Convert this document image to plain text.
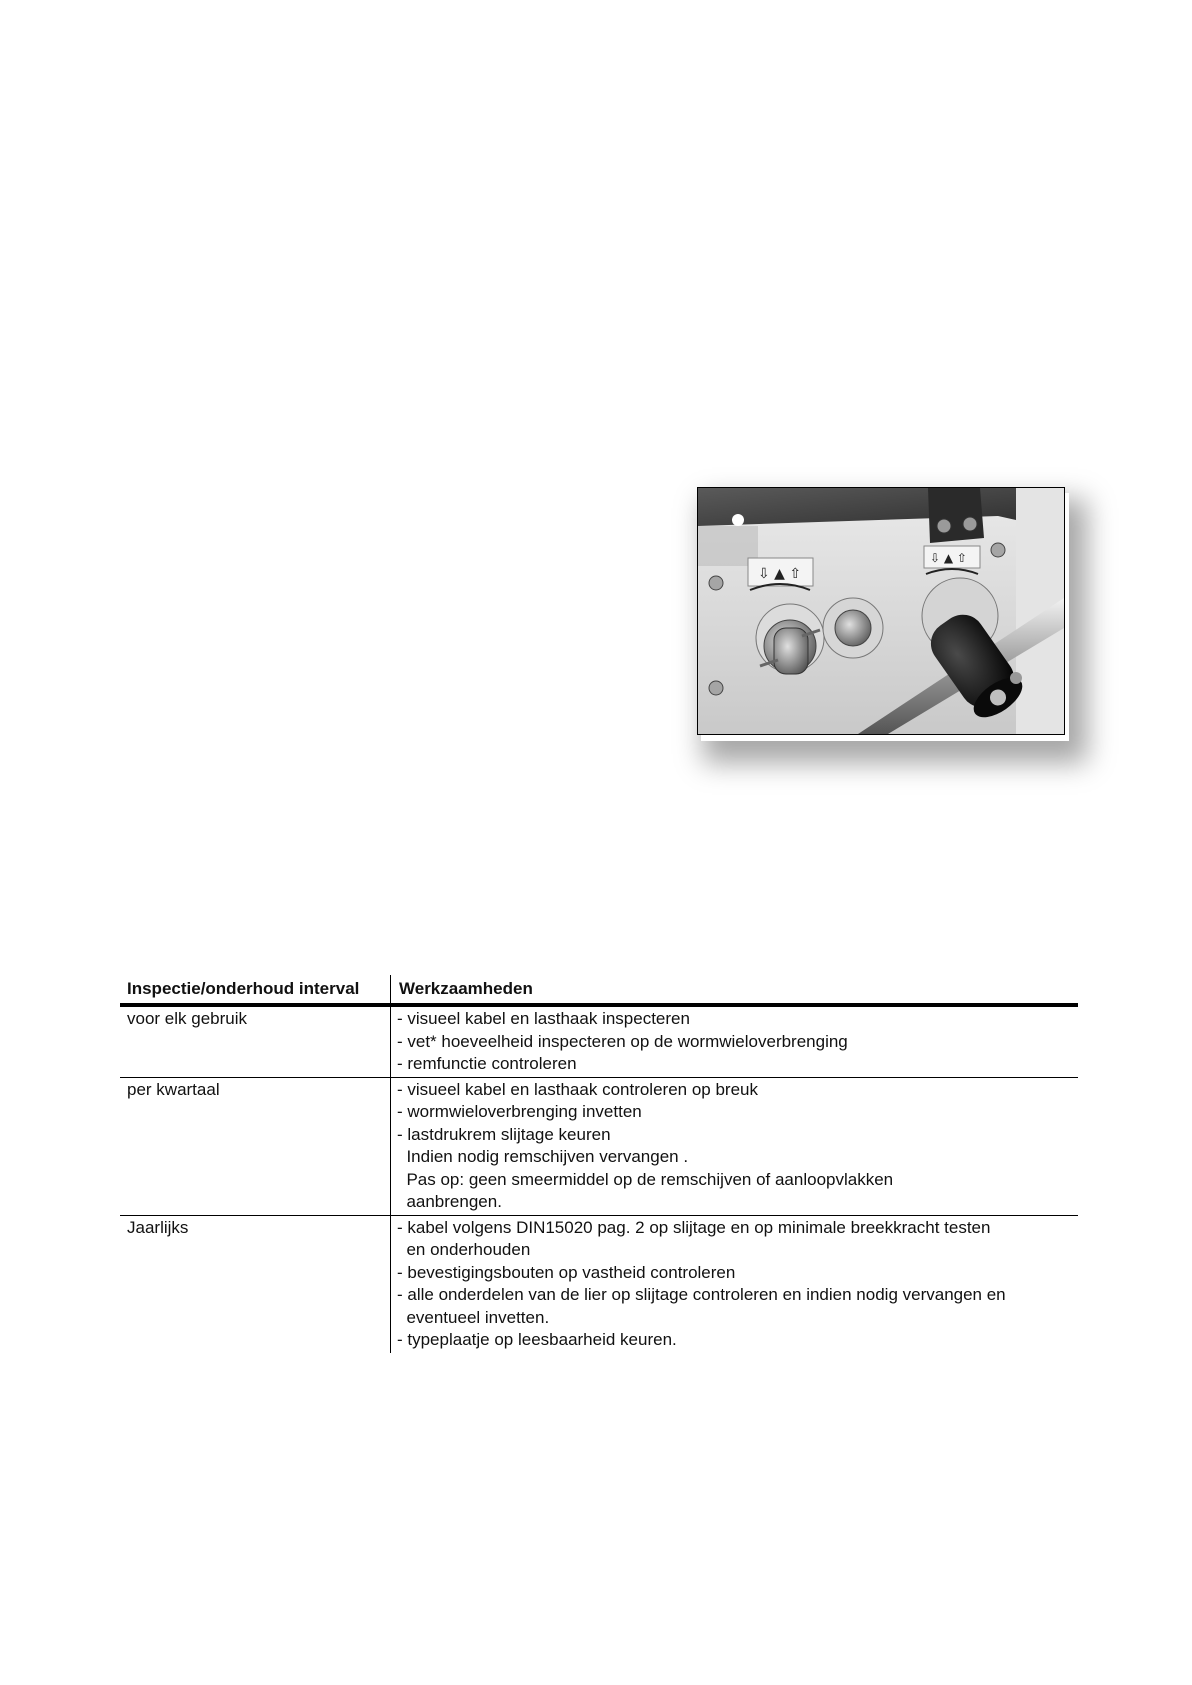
⇩ ▲ ⇧
⇩ ▲ ⇧
Inspectie/onderhoud interval	Werkzaamheden
voor elk gebruik	- visueel kabel en lasthaak inspecteren
- vet* hoeveelheid inspecteren op de wormwieloverbrenging
- remfunctie controleren
per kwartaal	- visueel kabel en lasthaak controleren op breuk
- wormwieloverbrenging invetten
- lastdrukrem slijtage keuren
Indien nodig remschijven vervangen .
Pas op: geen smeermiddel op de remschijven of aanloopvlakken
aanbrengen.
Jaarlijks	- kabel volgens DIN15020 pag. 2 op slijtage en op minimale breekkracht testen
en onderhouden
- bevestigingsbouten op vastheid controleren
- alle onderdelen van de lier op slijtage controleren en indien nodig vervangen en
eventueel invetten.
- typeplaatje op leesbaarheid keuren.
